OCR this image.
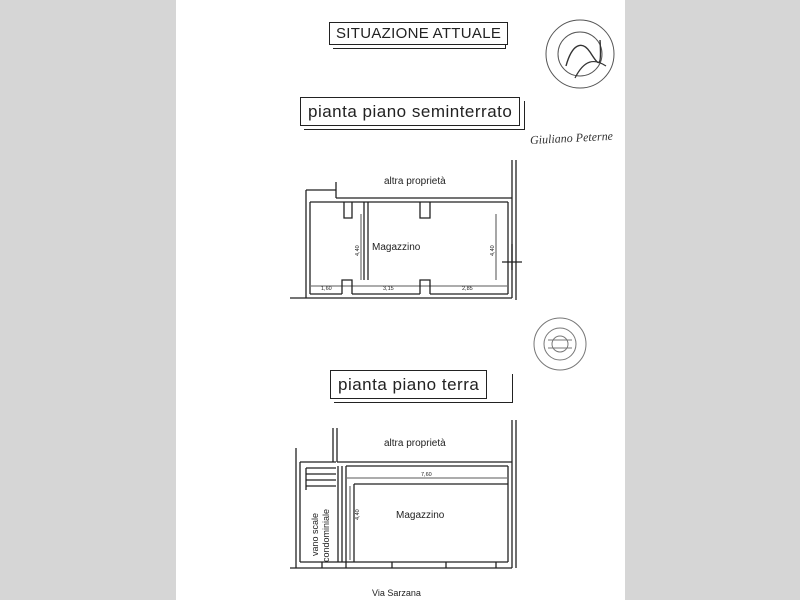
SITUAZIONE ATTUALE
pianta piano seminterrato
pianta piano terra
altra proprietà
Magazzino
1,60	3,15	2,85
4,40	4,40
altra proprietà
Magazzino
7,60
4,40
vano scale condominiale
Via Sarzana
Giuliano Peterne
